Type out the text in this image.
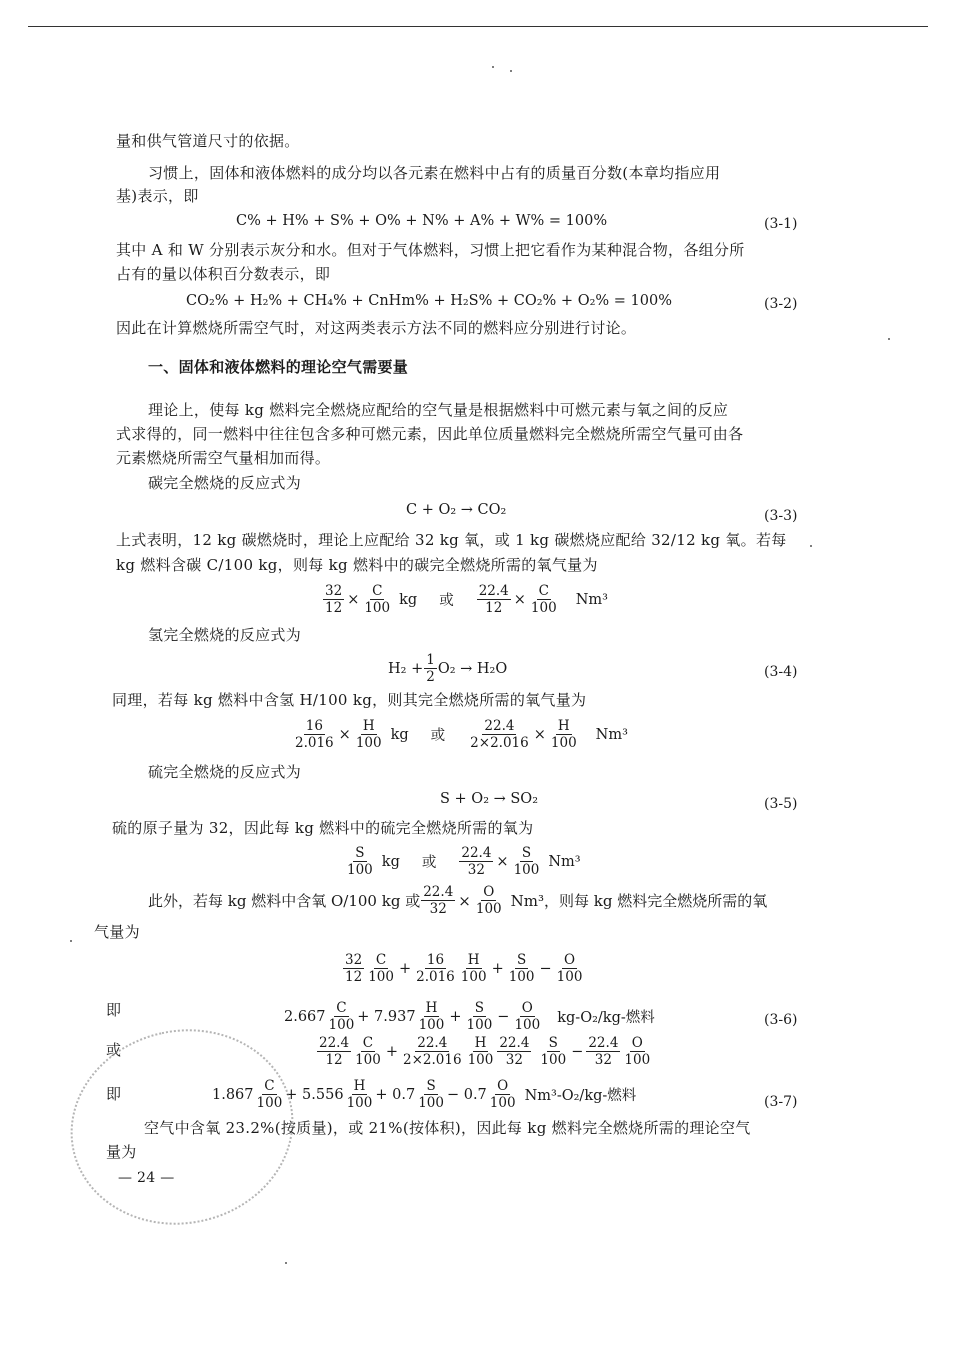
量和供气管道尺寸的依据。
习惯上，固体和液体燃料的成分均以各元素在燃料中占有的质量百分数(本章均指应用
基)表示，即
C% + H% + S% + O% + N% + A% + W% = 100%	(3-1)
其中 A 和 W 分别表示灰分和水。但对于气体燃料，习惯上把它看作为某种混合物，各组分所
占有的量以体积百分数表示，即
CO₂% + H₂% + CH₄% + CnHm% + H₂S% + CO₂% + O₂% = 100%	(3-2)
因此在计算燃烧所需空气时，对这两类表示方法不同的燃料应分别进行讨论。
一、固体和液体燃料的理论空气需要量
理论上，使每 kg 燃料完全燃烧应配给的空气量是根据燃料中可燃元素与氧之间的反应
式求得的，同一燃料中往往包含多种可燃元素，因此单位质量燃料完全燃烧所需空气量可由各
元素燃烧所需空气量相加而得。
碳完全燃烧的反应式为
C + O₂ → CO₂	(3-3)
上式表明，12 kg 碳燃烧时，理论上应配给 32 kg 氧，或 1 kg 碳燃烧应配给 32/12 kg 氧。若每
kg 燃料含碳 C/100 kg，则每 kg 燃料中的碳完全燃烧所需的氧气量为
$\frac{32}{12} \times \frac{C}{100}$ kg 或 $\frac{22.4}{12} \times \frac{C}{100} Nm^3$
氢完全燃烧的反应式为
$H_2 + \frac{1}{2} O_2 \to H_2O$	(3-4)
同理，若每 kg 燃料中含氢 H/100 kg，则其完全燃烧所需的氧气量为
$\frac{16}{2.016} \times \frac{H}{100}$ kg 或 $\frac{22.4}{2\times 2.016} \times \frac{H}{100} Nm^3$
硫完全燃烧的反应式为
S + O₂ → SO₂	(3-5)
硫的原子量为 32，因此每 kg 燃料中的硫完全燃烧所需的氧为
$\frac{S}{100}$ kg 或 $\frac{22.4}{32} \times \frac{S}{100} Nm^3$
此外，若每 kg 燃料中含氧 O/100 kg 或 $\frac{22.4}{32} \times \frac{O}{100} Nm^3$，则每 kg 燃料完全燃烧所需的氧
气量为
$\frac{32}{12} \frac{C}{100} + \frac{16}{2.016} \frac{H}{100} + \frac{S}{100} - \frac{O}{100}$
即	$2.667 \frac{C}{100} + 7.937 \frac{H}{100} + \frac{S}{100} - \frac{O}{100} kg-O_2/kg-$燃料	(3-6)
或	$\frac{22.4}{12} \frac{C}{100} + \frac{22.4}{2\times 2.016} \frac{H}{100} \frac{22.4}{32} \frac{S}{100} - \frac{22.4}{32} \frac{O}{100}$
即	$1.867 \frac{C}{100} + 5.556 \frac{H}{100} + 0.7 \frac{S}{100} - 0.7 \frac{O}{100} Nm^3-O_2/kg-$燃料	(3-7)
空气中含氧 23.2%(按质量)，或 21%(按体积)，因此每 kg 燃料完全燃烧所需的理论空气
量为
— 24 —
